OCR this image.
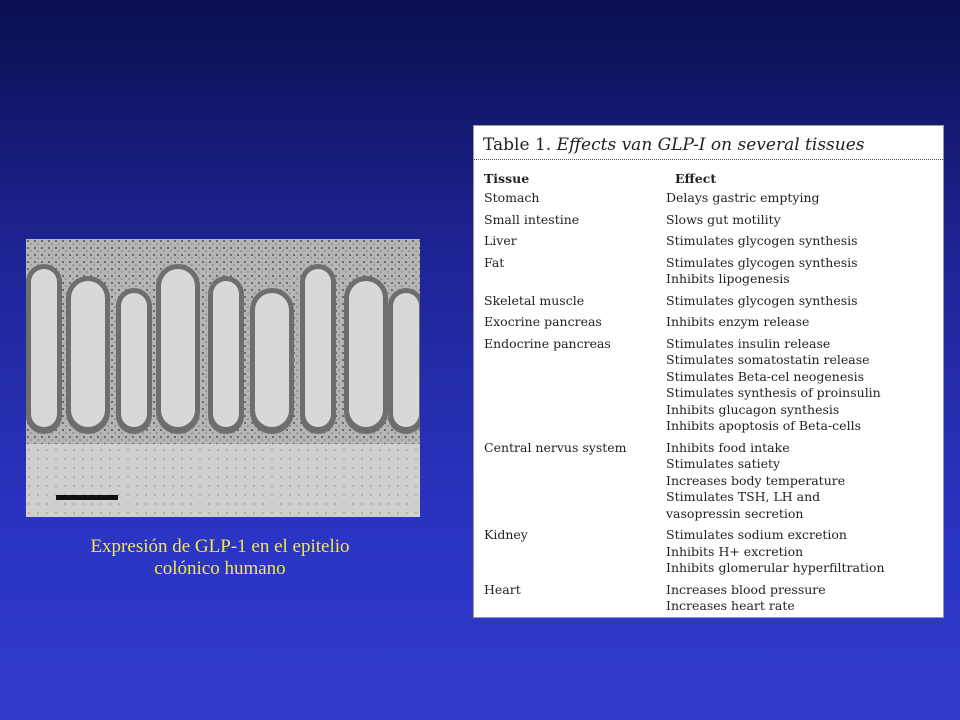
Expresión de GLP-1 en el epitelio
colónico humano
Table 1. Effects van GLP-I on several tissues
Tissue	Effect
Stomach	Delays gastric emptying
Small intestine	Slows gut motility
Liver	Stimulates glycogen synthesis
Fat	Stimulates glycogen synthesis
Inhibits lipogenesis
Skeletal muscle	Stimulates glycogen synthesis
Exocrine pancreas	Inhibits enzym release
Endocrine pancreas	Stimulates insulin release
Stimulates somatostatin release
Stimulates Beta-cel neogenesis
Stimulates synthesis of proinsulin
Inhibits glucagon synthesis
Inhibits apoptosis of Beta-cells
Central nervus system	Inhibits food intake
Stimulates satiety
Increases body temperature
Stimulates TSH, LH and
vasopressin secretion
Kidney	Stimulates sodium excretion
Inhibits H+ excretion
Inhibits glomerular hyperfiltration
Heart	Increases blood pressure
Increases heart rate
